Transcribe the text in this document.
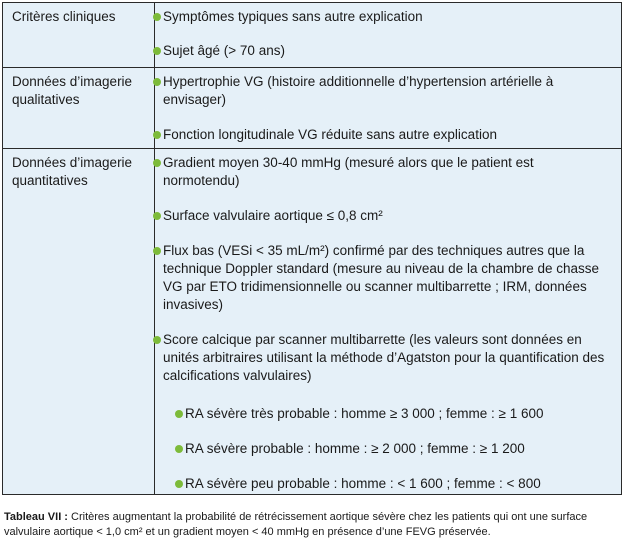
Critères cliniques	Symptômes typiques sans autre explication
Sujet âgé (> 70 ans)
Données d’imagerie qualitatives
Hypertrophie VG (histoire additionnelle d’hypertension artérielle à envisager)
Fonction longitudinale VG réduite sans autre explication
Données d’imagerie quantitatives
Gradient moyen 30-40 mmHg (mesuré alors que le patient est normotendu)
Surface valvulaire aortique ≤ 0,8 cm²
Flux bas (VESi < 35 mL/m²) confirmé par des techniques autres que la technique Doppler standard (mesure au niveau de la chambre de chasse VG par ETO tridimensionnelle ou scanner multibarrette ; IRM, données invasives)
Score calcique par scanner multibarrette (les valeurs sont données en unités arbitraires utilisant la méthode d’Agatston pour la quantification des calcifications valvulaires)
RA sévère très probable : homme ≥ 3 000 ; femme : ≥ 1 600
RA sévère probable : homme : ≥ 2 000 ; femme : ≥ 1 200
RA sévère peu probable : homme : < 1 600 ; femme : < 800
Tableau VII : Critères augmentant la probabilité de rétrécissement aortique sévère chez les patients qui ont une surface valvulaire aortique < 1,0 cm² et un gradient moyen < 40 mmHg en présence d’une FEVG préservée.
